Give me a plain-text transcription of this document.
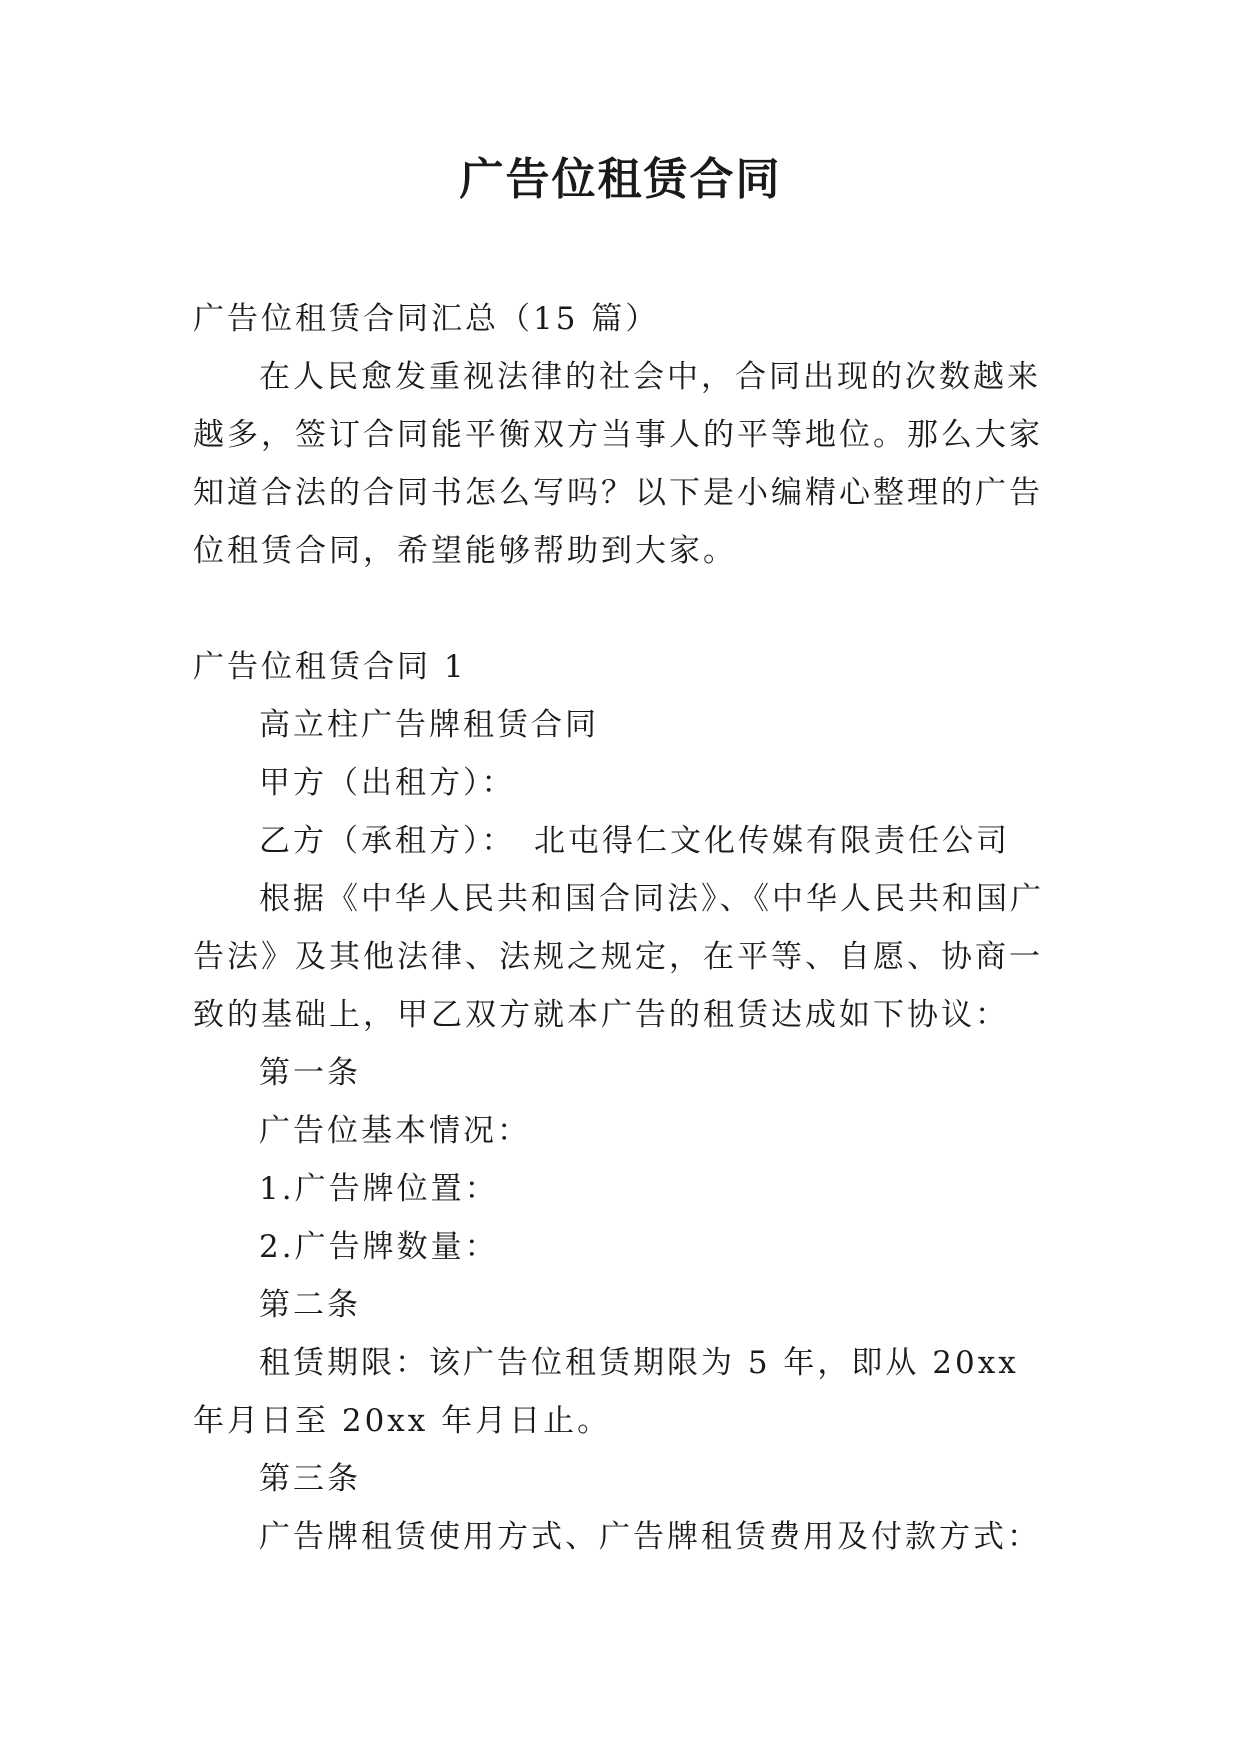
广告位租赁合同

广告位租赁合同汇总（15 篇）

在人民愈发重视法律的社会中，合同出现的次数越来越多，签订合同能平衡双方当事人的平等地位。那么大家知道合法的合同书怎么写吗？以下是小编精心整理的广告位租赁合同，希望能够帮助到大家。

广告位租赁合同 1

高立柱广告牌租赁合同

甲方（出租方）：

乙方（承租方）：　北屯得仁文化传媒有限责任公司

根据《中华人民共和国合同法》、《中华人民共和国广告法》及其他法律、法规之规定，在平等、自愿、协商一致的基础上，甲乙双方就本广告的租赁达成如下协议：

第一条

广告位基本情况：

1.广告牌位置：

2.广告牌数量：

第二条

租赁期限：该广告位租赁期限为 5 年，即从 20xx 年月日至 20xx 年月日止。

第三条

广告牌租赁使用方式、广告牌租赁费用及付款方式：
